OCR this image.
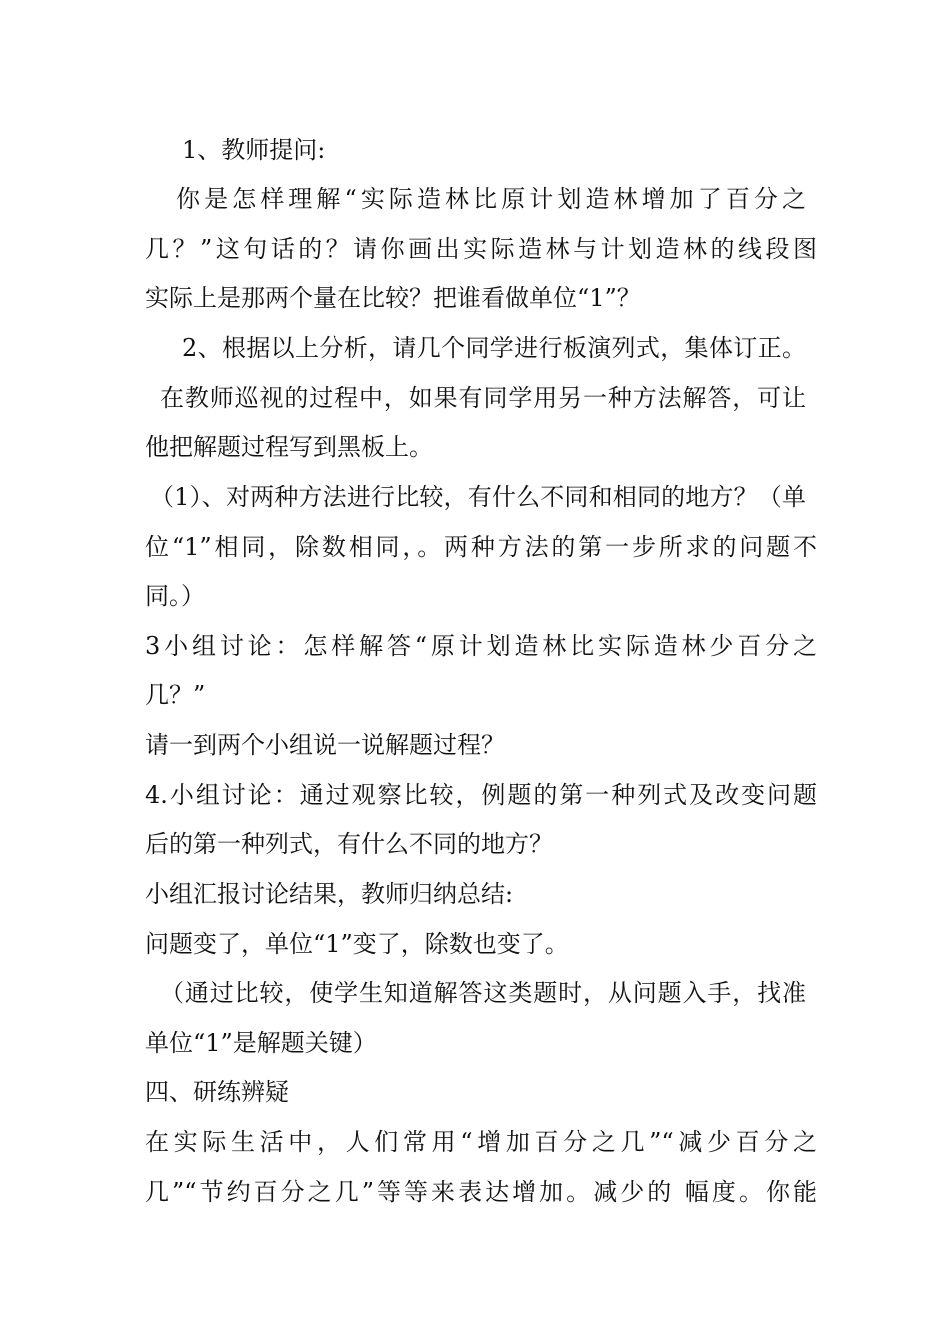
1、教师提问:
你是怎样理解“实际造林比原计划造林增加了百分之
几？”这句话的？请你画出实际造林与计划造林的线段图
实际上是那两个量在比较？把谁看做单位“1”？
2、根据以上分析，请几个同学进行板演列式，集体订正。
在教师巡视的过程中，如果有同学用另一种方法解答，可让
他把解题过程写到黑板上。
（1）、对两种方法进行比较，有什么不同和相同的地方？（单
位“1”相同，除数相同，。两种方法的第一步所求的问题不
同。）
3小组讨论：怎样解答“原计划造林比实际造林少百分之
几？”
请一到两个小组说一说解题过程？
4.小组讨论：通过观察比较，例题的第一种列式及改变问题
后的第一种列式，有什么不同的地方？
小组汇报讨论结果，教师归纳总结:
问题变了，单位“1”变了，除数也变了。
（通过比较，使学生知道解答这类题时，从问题入手，找准
单位“1”是解题关键）
四、研练辨疑
在实际生活中，人们常用“增加百分之几”“减少百分之
几”“节约百分之几”等等来表达增加。减少的 幅度。你能
